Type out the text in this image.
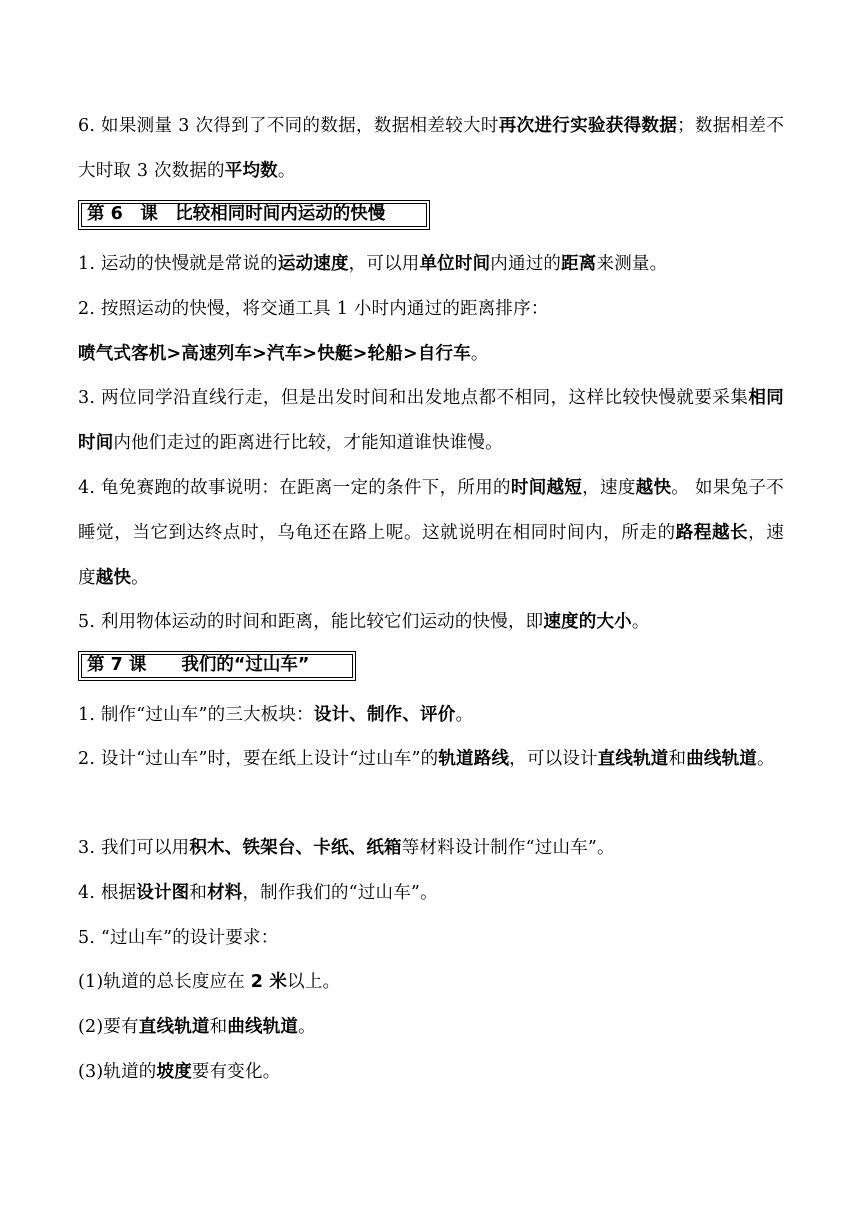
6. 如果测量 3 次得到了不同的数据，数据相差较大时再次进行实验获得数据；数据相差不大时取 3 次数据的平均数。

第 6　课　比较相同时间内运动的快慢

1. 运动的快慢就是常说的运动速度，可以用单位时间内通过的距离来测量。

2. 按照运动的快慢，将交通工具 1 小时内通过的距离排序：

喷气式客机>高速列车>汽车>快艇>轮船>自行车。

3. 两位同学沿直线行走，但是出发时间和出发地点都不相同，这样比较快慢就要采集相同时间内他们走过的距离进行比较，才能知道谁快谁慢。

4. 龟免赛跑的故事说明：在距离一定的条件下，所用的时间越短，速度越快。 如果兔子不睡觉，当它到达终点时，乌龟还在路上呢。这就说明在相同时间内，所走的路程越长，速度越快。

5. 利用物体运动的时间和距离，能比较它们运动的快慢，即速度的大小。

第 7 课　　我们的“过山车”

1. 制作“过山车”的三大板块：设计、制作、评价。

2. 设计“过山车”时，要在纸上设计“过山车”的轨道路线，可以设计直线轨道和曲线轨道。

3. 我们可以用积木、铁架台、卡纸、纸箱等材料设计制作“过山车”。

4. 根据设计图和材料，制作我们的“过山车”。

5. “过山车”的设计要求：

(1)轨道的总长度应在 2 米以上。

(2)要有直线轨道和曲线轨道。

(3)轨道的坡度要有变化。
